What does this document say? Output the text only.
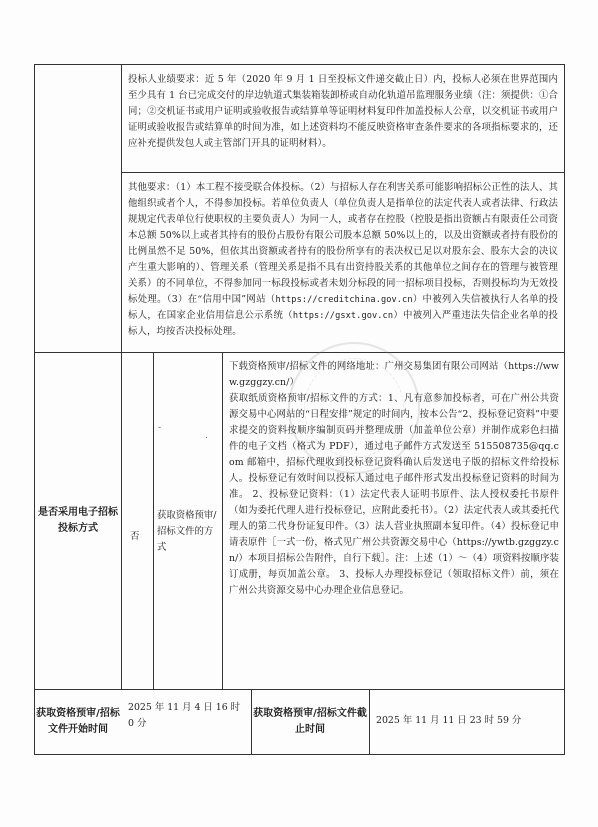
投标人业绩要求：近 5 年（2020 年 9 月 1 日至投标文件递交截止日）内，投标人必须在世界范围内至少具有 1 台已完成交付的岸边轨道式集装箱装卸桥或自动化轨道吊监理服务业绩（注：须提供：①合同；②交机证书或用户证明或验收报告或结算单等证明材料复印件加盖投标人公章，以交机证书或用户证明或验收报告或结算单的时间为准，如上述资料均不能反映资格审查条件要求的各项指标要求的，还应补充提供发包人或主管部门开具的证明材料）。
其他要求：（1）本工程不接受联合体投标。（2）与招标人存在利害关系可能影响招标公正性的法人、其他组织或者个人，不得参加投标。若单位负责人（单位负责人是指单位的法定代表人或者法律、行政法规规定代表单位行使职权的主要负责人）为同一人，或者存在控股（控股是指出资额占有限责任公司资本总额 50%以上或者其持有的股份占股份有限公司股本总额 50%以上的，以及出资额或者持有股份的比例虽然不足 50%，但依其出资额或者持有的股份所享有的表决权已足以对股东会、股东大会的决议产生重大影响的）、管理关系（管理关系是指不具有出资持股关系的其他单位之间存在的管理与被管理关系）的不同单位，不得参加同一标段投标或者未划分标段的同一招标项目投标，否则投标均为无效投标处理。（3）在“信用中国”网站（https://creditchina.gov.cn）中被列入失信被执行人名单的投标人，在国家企业信用信息公示系统（https://gsxt.gov.cn）中被列入严重违法失信企业名单的投标人，均按否决投标处理。
是否采用电子招标投标方式
否
-
.
获取资格预审/招标文件的方式
下载资格预审/招标文件的网络地址：广州交易集团有限公司网站（https://www.gzggzy.cn/）
获取纸质资格预审/招标文件的方式：1、凡有意参加投标者，可在广州公共资源交易中心网站的“日程安排”规定的时间内，按本公告“2、投标登记资料”中要求提交的资料按顺序编制页码并整理成册（加盖单位公章）并制作成彩色扫描件的电子文档（格式为 PDF），通过电子邮件方式发送至 515508735@qq.com 邮箱中，招标代理收到投标登记资料确认后发送电子版的招标文件给投标人。投标登记有效时间以投标人通过电子邮件形式发出投标登记资料的时间为准。 2、投标登记资料：（1）法定代表人证明书原件、法人授权委托书原件（如为委托代理人进行投标登记，应附此委托书）。（2）法定代表人或其委托代理人的第二代身份证复印件。（3）法人营业执照副本复印件。（4）投标登记申请表原件［一式一份，格式见广州公共资源交易中心（https://ywtb.gzggzy.cn/）本项目招标公告附件，自行下载］。注：上述（1）～（4）项资料按顺序装订成册，每页加盖公章。 3、投标人办理投标登记（领取招标文件）前，须在广州公共资源交易中心办理企业信息登记。
获取资格预审/招标文件开始时间
2025 年 11 月 4 日 16 时 0 分
获取资格预审/招标文件截止时间
2025 年 11 月 11 日 23 时 59 分
